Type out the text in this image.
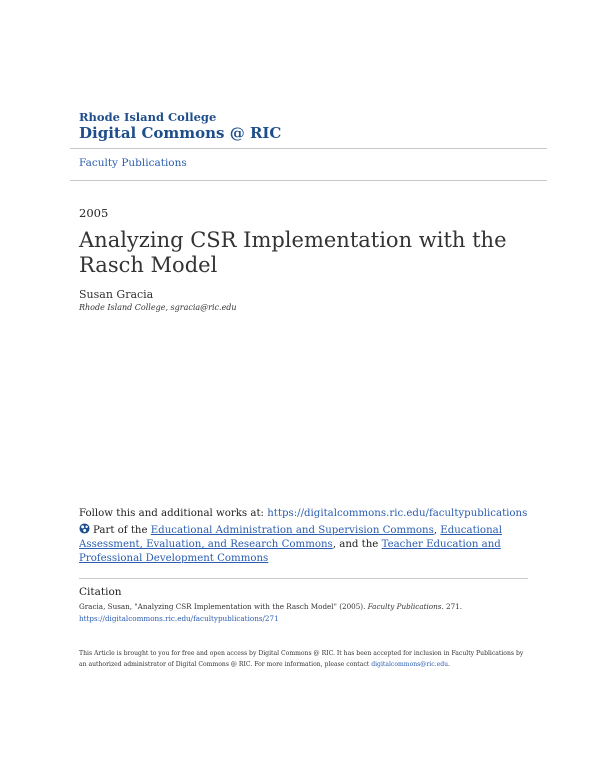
Rhode Island College
Digital Commons @ RIC
Faculty Publications
2005
Analyzing CSR Implementation with the Rasch Model
Susan Gracia
Rhode Island College, sgracia@ric.edu
Follow this and additional works at: https://digitalcommons.ric.edu/facultypublications
Part of the Educational Administration and Supervision Commons, Educational Assessment, Evaluation, and Research Commons, and the Teacher Education and Professional Development Commons
Citation
Gracia, Susan, "Analyzing CSR Implementation with the Rasch Model" (2005). Faculty Publications. 271.
https://digitalcommons.ric.edu/facultypublications/271
This Article is brought to you for free and open access by Digital Commons @ RIC. It has been accepted for inclusion in Faculty Publications by an authorized administrator of Digital Commons @ RIC. For more information, please contact digitalcommons@ric.edu.
